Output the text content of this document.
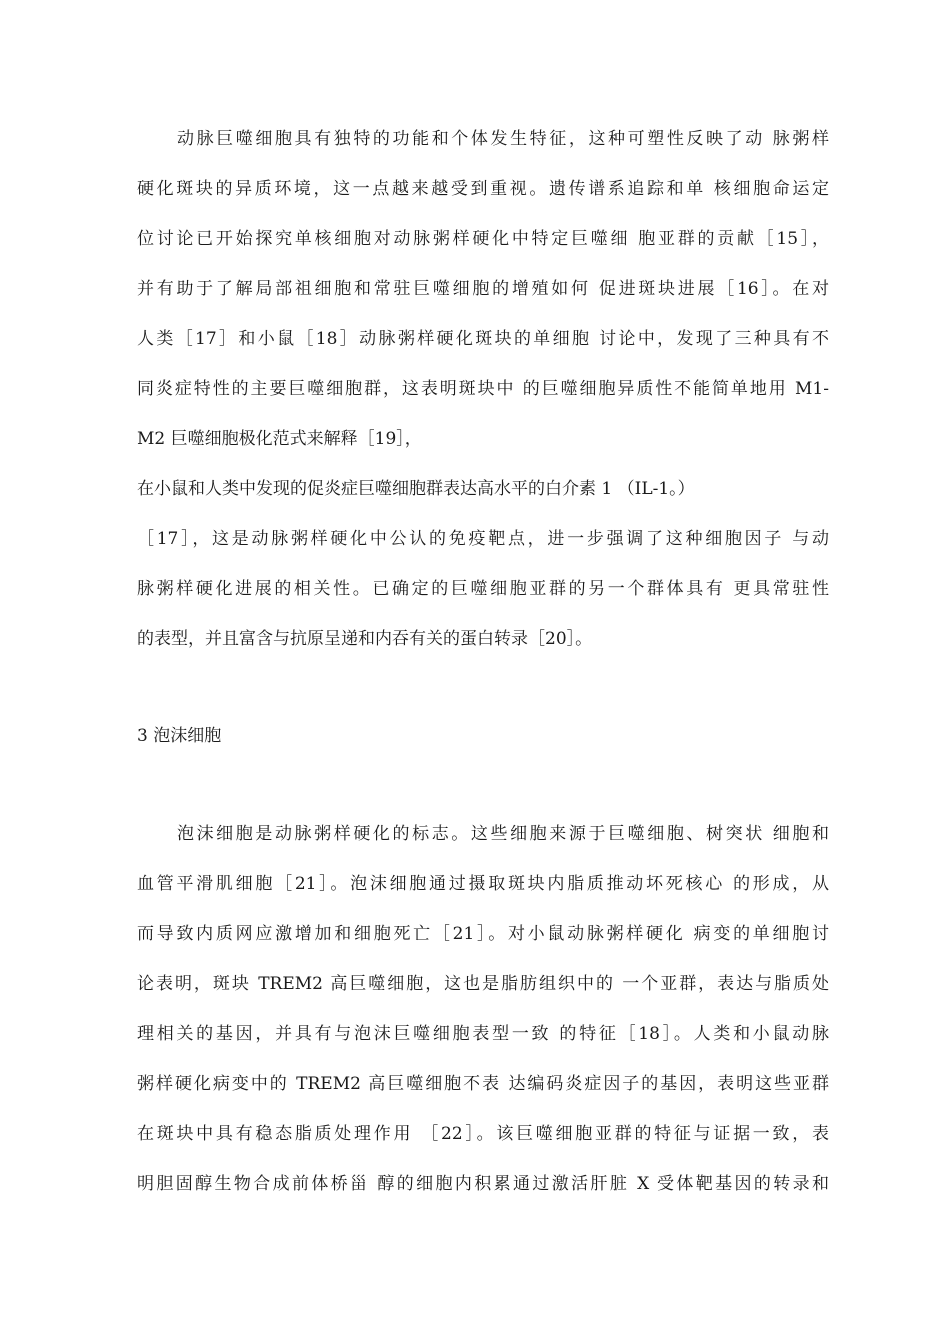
动脉巨噬细胞具有独特的功能和个体发生特征，这种可塑性反映了动 脉粥样
硬化斑块的异质环境，这一点越来越受到重视。遗传谱系追踪和单 核细胞命运定
位讨论已开始探究单核细胞对动脉粥样硬化中特定巨噬细 胞亚群的贡献［15］，
并有助于了解局部祖细胞和常驻巨噬细胞的增殖如何 促进斑块进展［16］。在对
人类［17］和小鼠［18］动脉粥样硬化斑块的单细胞 讨论中，发现了三种具有不
同炎症特性的主要巨噬细胞群，这表明斑块中 的巨噬细胞异质性不能简单地用 M1-
M2 巨噬细胞极化范式来解释［19］，
在小鼠和人类中发现的促炎症巨噬细胞群表达高水平的白介素 1 （IL-1。）
［17］，这是动脉粥样硬化中公认的免疫靶点，进一步强调了这种细胞因子 与动
脉粥样硬化进展的相关性。已确定的巨噬细胞亚群的另一个群体具有 更具常驻性
的表型，并且富含与抗原呈递和内吞有关的蛋白转录［20］。
3 泡沫细胞
泡沫细胞是动脉粥样硬化的标志。这些细胞来源于巨噬细胞、树突状 细胞和
血管平滑肌细胞［21］。泡沫细胞通过摄取斑块内脂质推动坏死核心 的形成，从
而导致内质网应激增加和细胞死亡［21］。对小鼠动脉粥样硬化 病变的单细胞讨
论表明，斑块 TREM2 高巨噬细胞，这也是脂肪组织中的 一个亚群，表达与脂质处
理相关的基因，并具有与泡沫巨噬细胞表型一致 的特征［18］。人类和小鼠动脉
粥样硬化病变中的 TREM2 高巨噬细胞不表 达编码炎症因子的基因，表明这些亚群
在斑块中具有稳态脂质处理作用 ［22］。该巨噬细胞亚群的特征与证据一致，表
明胆固醇生物合成前体桥甾 醇的细胞内积累通过激活肝脏 X 受体靶基因的转录和
